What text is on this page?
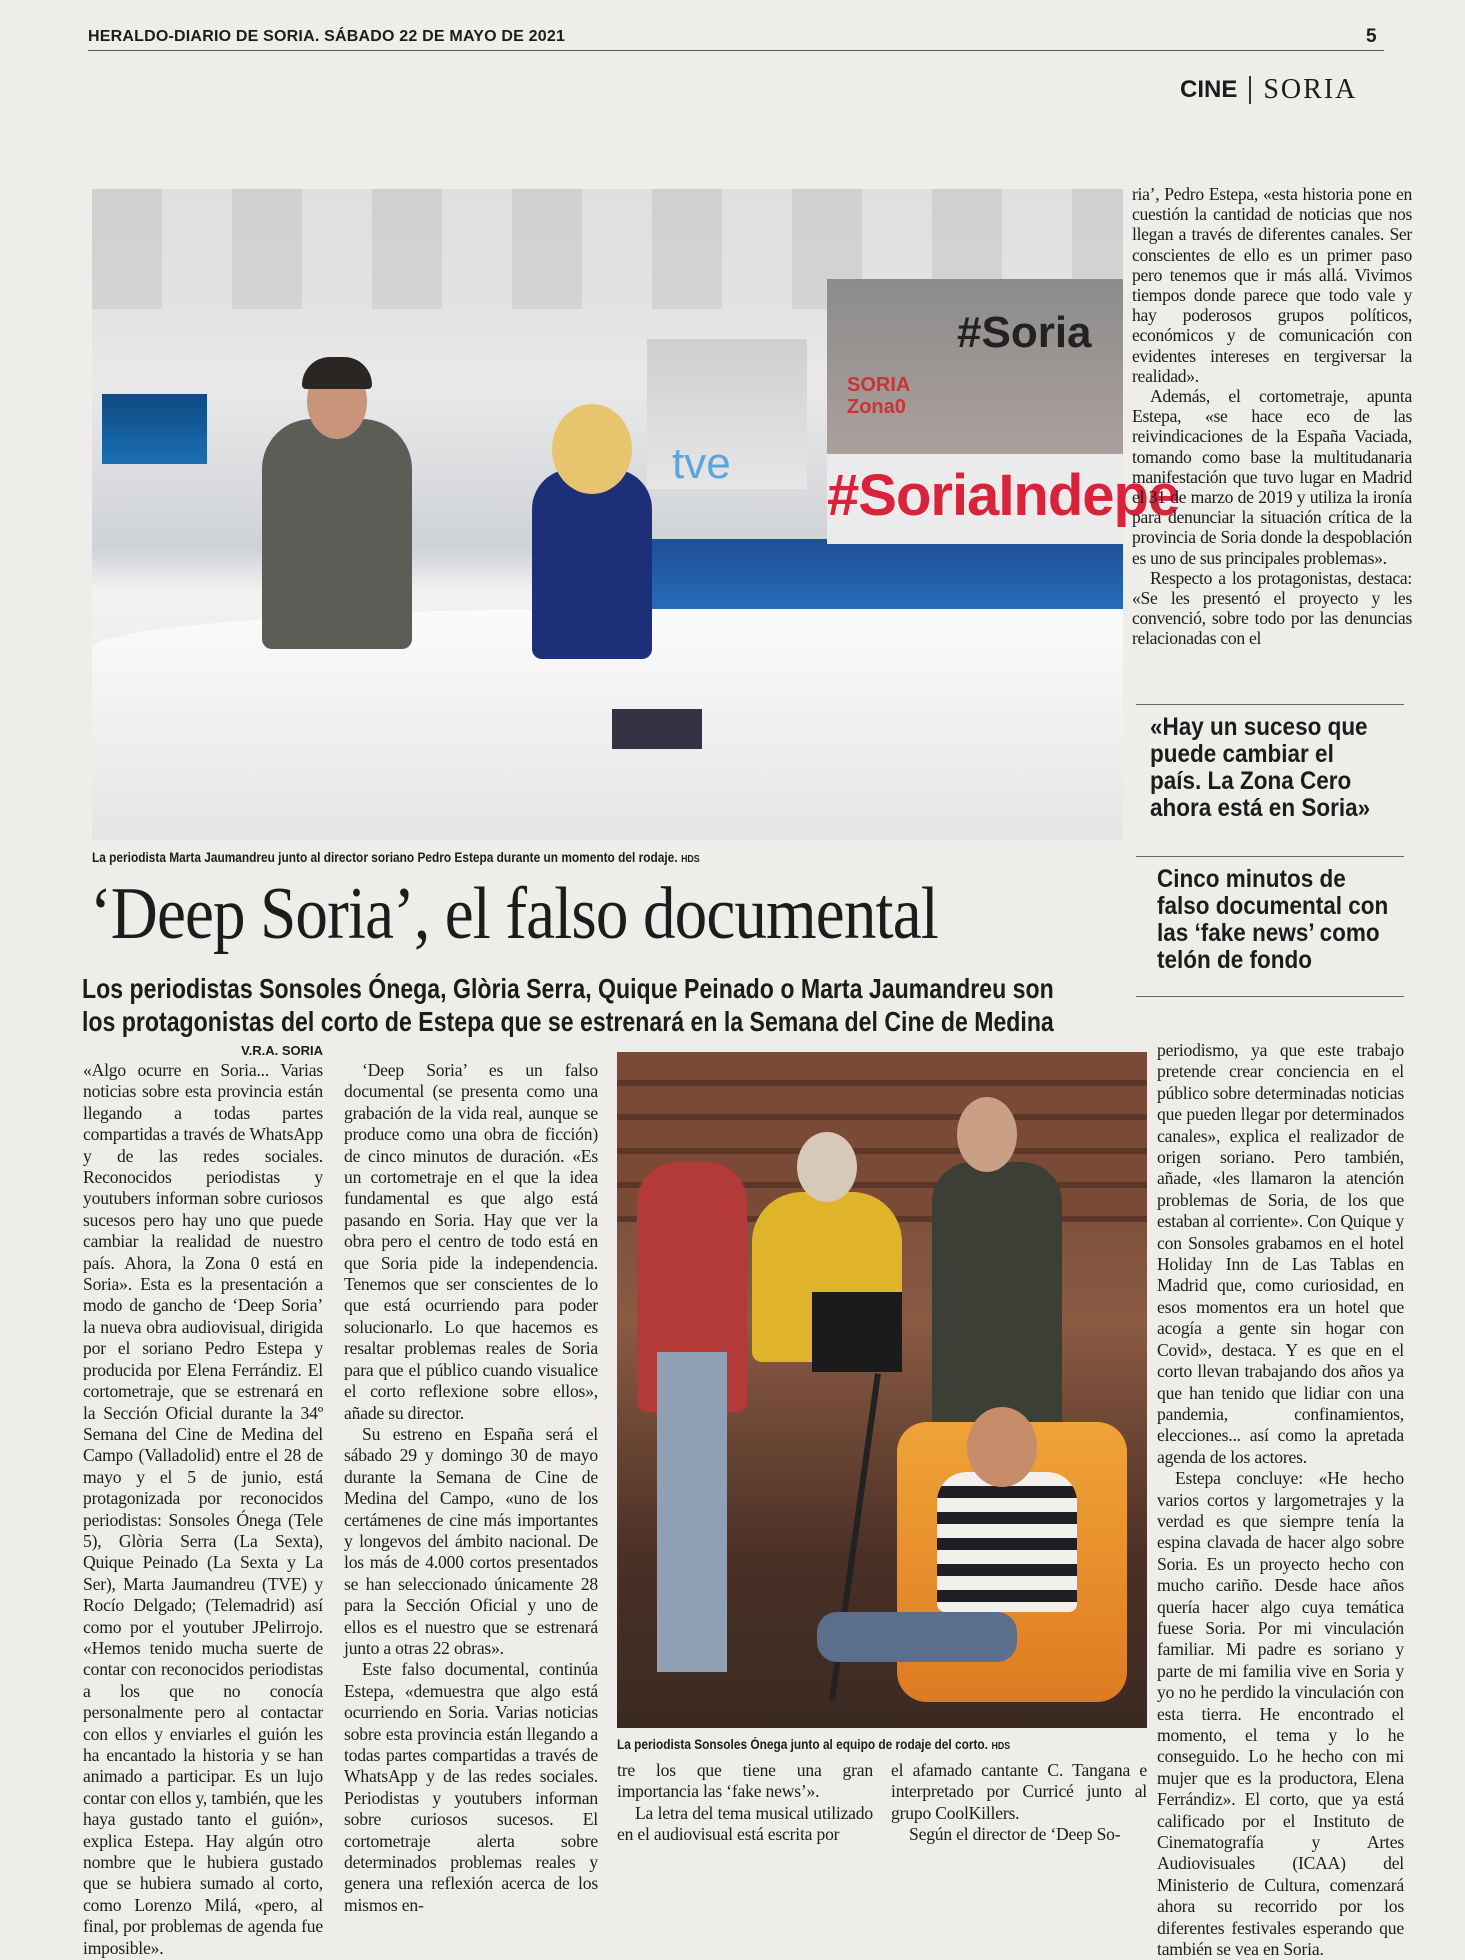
HERALDO-DIARIO DE SORIA. SÁBADO 22 DE MAYO DE 2021	5
CINE SORIA
#Soria
SORIA Zona0
#SoriaIndepe
tve
La periodista Marta Jaumandreu junto al director soriano Pedro Estepa durante un momento del rodaje. HDS
‘Deep Soria’, el falso documental
Los periodistas Sonsoles Ónega, Glòria Serra, Quique Peinado o Marta Jaumandreu son
los protagonistas del corto de Estepa que se estrenará en la Semana del Cine de Medina

ria’, Pedro Estepa, «esta historia pone en cuestión la cantidad de noticias que nos llegan a través de diferentes canales. Ser conscientes de ello es un primer paso pero tenemos que ir más allá. Vivimos tiempos donde parece que todo vale y hay poderosos grupos políticos, económicos y de comunicación con evidentes intereses en tergiversar la realidad».

Además, el cortometraje, apunta Estepa, «se hace eco de las reivindicaciones de la España Vaciada, tomando como base la multitudanaria manifestación que tuvo lugar en Madrid el 31 de marzo de 2019 y utiliza la ironía para denunciar la situación crítica de la provincia de Soria donde la despoblación es uno de sus principales problemas».

Respecto a los protagonistas, destaca: «Se les presentó el proyecto y les convenció, sobre todo por las denuncias relacionadas con el

«Hay un suceso que puede cambiar el país. La Zona Cero ahora está en Soria»
Cinco minutos de falso documental con las ‘fake news’ como telón de fondo
V.R.A. SORIA

«Algo ocurre en Soria... Varias noticias sobre esta provincia están llegando a todas partes compartidas a través de WhatsApp y de las redes sociales. Reconocidos periodistas y youtubers informan sobre curiosos sucesos pero hay uno que puede cambiar la realidad de nuestro país. Ahora, la Zona 0 está en Soria». Esta es la presentación a modo de gancho de ‘Deep Soria’ la nueva obra audiovisual, dirigida por el soriano Pedro Estepa y producida por Elena Ferrándiz. El cortometraje, que se estrenará en la Sección Oficial durante la 34º Semana del Cine de Medina del Campo (Valladolid) entre el 28 de mayo y el 5 de junio, está protagonizada por reconocidos periodistas: Sonsoles Ónega (Tele 5), Glòria Serra (La Sexta), Quique Peinado (La Sexta y La Ser), Marta Jaumandreu (TVE) y Rocío Delgado; (Telemadrid) así como por el youtuber JPelirrojo. «Hemos tenido mucha suerte de contar con reconocidos periodistas a los que no conocía personalmente pero al contactar con ellos y enviarles el guión les ha encantado la historia y se han animado a participar. Es un lujo contar con ellos y, también, que les haya gustado tanto el guión», explica Estepa. Hay algún otro nombre que le hubiera gustado que se hubiera sumado al corto, como Lorenzo Milá, «pero, al final, por problemas de agenda fue imposible».

‘Deep Soria’ es un falso documental (se presenta como una grabación de la vida real, aunque se produce como una obra de ficción) de cinco minutos de duración. «Es un cortometraje en el que la idea fundamental es que algo está pasando en Soria. Hay que ver la obra pero el centro de todo está en que Soria pide la independencia. Tenemos que ser conscientes de lo que está ocurriendo para poder solucionarlo. Lo que hacemos es resaltar problemas reales de Soria para que el público cuando visualice el corto reflexione sobre ellos», añade su director.

Su estreno en España será el sábado 29 y domingo 30 de mayo durante la Semana de Cine de Medina del Campo, «uno de los certámenes de cine más importantes y longevos del ámbito nacional. De los más de 4.000 cortos presentados se han seleccionado únicamente 28 para la Sección Oficial y uno de ellos es el nuestro que se estrenará junto a otras 22 obras».

Este falso documental, continúa Estepa, «demuestra que algo está ocurriendo en Soria. Varias noticias sobre esta provincia están llegando a todas partes compartidas a través de WhatsApp y de las redes sociales. Periodistas y youtubers informan sobre curiosos sucesos. El cortometraje alerta sobre determinados problemas reales y genera una reflexión acerca de los mismos en-

La periodista Sonsoles Ónega junto al equipo de rodaje del corto. HDS

tre los que tiene una gran importancia las ‘fake news’».

La letra del tema musical utilizado en el audiovisual está escrita por

el afamado cantante C. Tangana e interpretado por Curricé junto al grupo CoolKillers.

Según el director de ‘Deep So-

periodismo, ya que este trabajo pretende crear conciencia en el público sobre determinadas noticias que pueden llegar por determinados canales», explica el realizador de origen soriano. Pero también, añade, «les llamaron la atención problemas de Soria, de los que estaban al corriente». Con Quique y con Sonsoles grabamos en el hotel Holiday Inn de Las Tablas en Madrid que, como curiosidad, en esos momentos era un hotel que acogía a gente sin hogar con Covid», destaca. Y es que en el corto llevan trabajando dos años ya que han tenido que lidiar con una pandemia, confinamientos, elecciones... así como la apretada agenda de los actores.

Estepa concluye: «He hecho varios cortos y largometrajes y la verdad es que siempre tenía la espina clavada de hacer algo sobre Soria. Es un proyecto hecho con mucho cariño. Desde hace años quería hacer algo cuya temática fuese Soria. Por mi vinculación familiar. Mi padre es soriano y parte de mi familia vive en Soria y yo no he perdido la vinculación con esta tierra. He encontrado el momento, el tema y lo he conseguido. Lo he hecho con mi mujer que es la productora, Elena Ferrándiz». El corto, que ya está calificado por el Instituto de Cinematografía y Artes Audiovisuales (ICAA) del Ministerio de Cultura, comenzará ahora su recorrido por los diferentes festivales esperando que también se vea en Soria.
